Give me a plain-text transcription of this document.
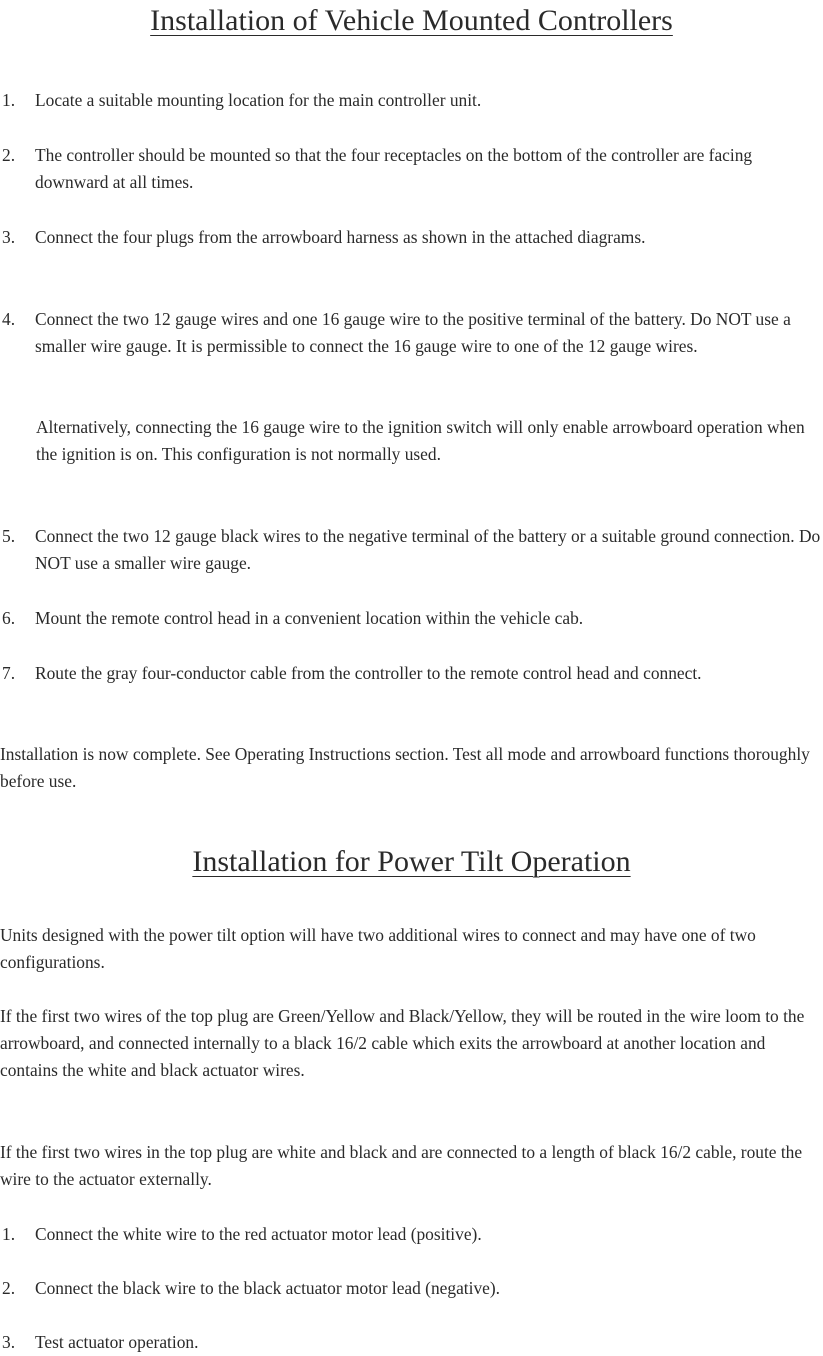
Installation of Vehicle Mounted Controllers
1.	Locate a suitable mounting location for the main controller unit.
2.	The controller should be mounted so that the four receptacles on the bottom of the controller are facing downward at all times.
3.	Connect the four plugs from the arrowboard harness as shown in the attached diagrams.
4.	Connect the two 12 gauge wires and one 16 gauge wire to the positive terminal of the battery. Do NOT use a smaller wire gauge. It is permissible to connect the 16 gauge wire to one of the 12 gauge wires.
Alternatively, connecting the 16 gauge wire to the ignition switch will only enable arrowboard operation when the ignition is on. This configuration is not normally used.
5.	Connect the two 12 gauge black wires to the negative terminal of the battery or a suitable ground connection. Do NOT use a smaller wire gauge.
6.	Mount the remote control head in a convenient location within the vehicle cab.
7.	Route the gray four-conductor cable from the controller to the remote control head and connect.

Installation is now complete. See Operating Instructions section. Test all mode and arrowboard functions thoroughly before use.

Installation for Power Tilt Operation

Units designed with the power tilt option will have two additional wires to connect and may have one of two configurations.

If the first two wires of the top plug are Green/Yellow and Black/Yellow, they will be routed in the wire loom to the arrowboard, and connected internally to a black 16/2 cable which exits the arrowboard at another location and contains the white and black actuator wires.

If the first two wires in the top plug are white and black and are connected to a length of black 16/2 cable, route the wire to the actuator externally.

1.	Connect the white wire to the red actuator motor lead (positive).
2.	Connect the black wire to the black actuator motor lead (negative).
3.	Test actuator operation.
